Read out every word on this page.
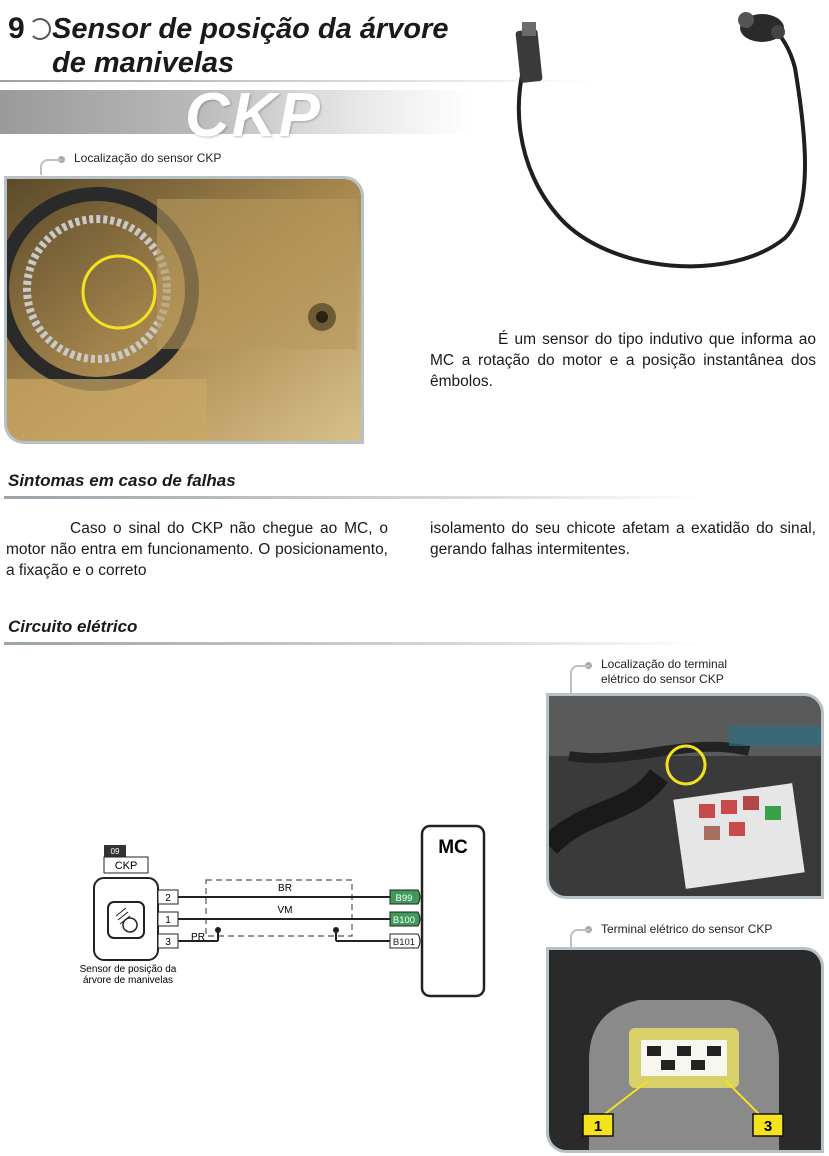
9 Sensor de posição da árvore
de manivelas
CKP
Localização do sensor CKP
É um sensor do tipo indutivo que informa ao MC a rotação do motor e a posição instantânea dos êmbolos.
Sintomas em caso de falhas
Caso o sinal do CKP não chegue ao MC, o motor não entra em funcionamento. O posicionamento, a fixação e o correto
isolamento do seu chicote afetam a exatidão do sinal, gerando falhas intermitentes.
Circuito elétrico
09
CKP
2
1
3
BR
VM
PR
B99
B100
B101
MC
Sensor de posição da
árvore de manivelas
Localização do terminal
elétrico do sensor CKP
Terminal elétrico do sensor CKP
1	3
